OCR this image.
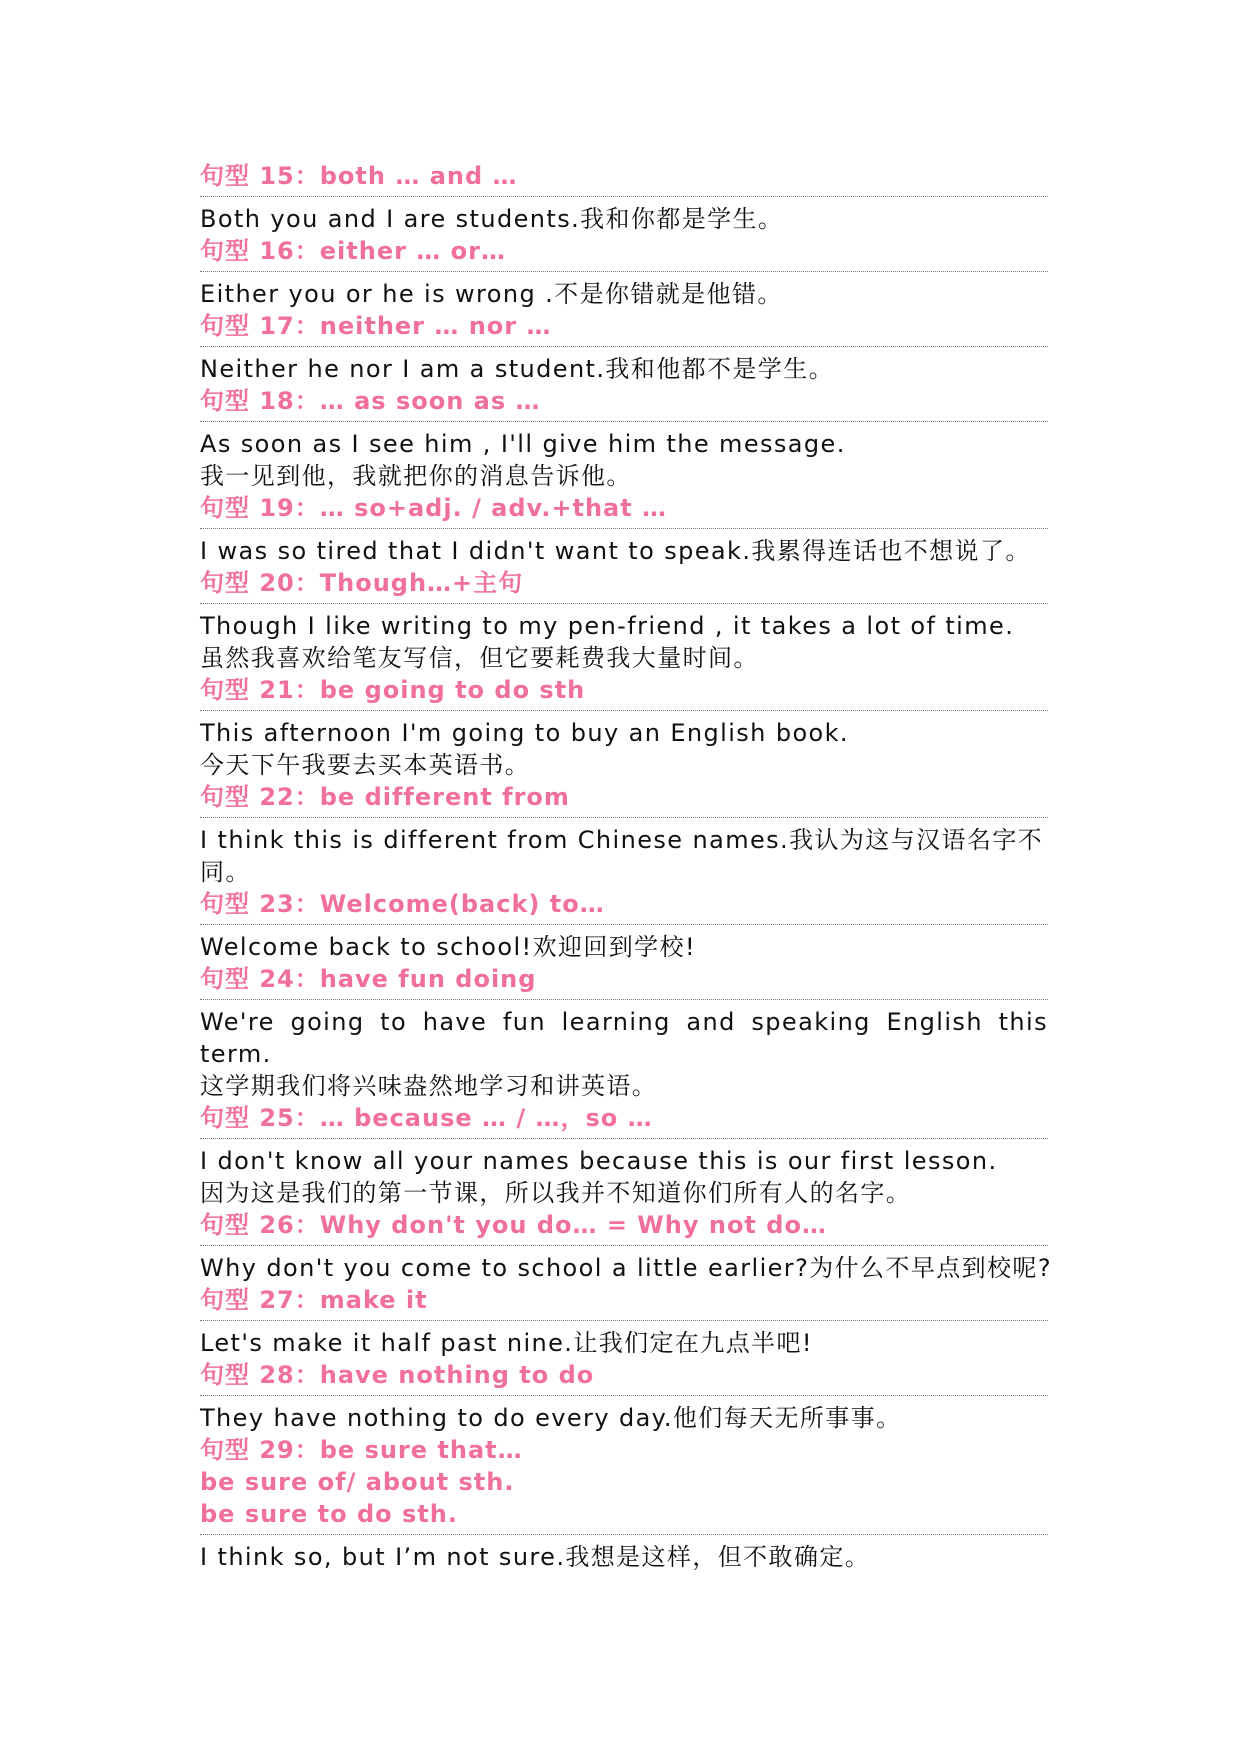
句型 15：both … and …
Both you and I are students.我和你都是学生。
句型 16：either … or…
Either you or he is wrong .不是你错就是他错。
句型 17：neither … nor …
Neither he nor I am a student.我和他都不是学生。
句型 18：… as soon as …
As soon as I see him , I'll give him the message.
我一见到他，我就把你的消息告诉他。
句型 19：… so+adj. / adv.+that …
I was so tired that I didn't want to speak.我累得连话也不想说了。
句型 20：Though…+主句
Though I like writing to my pen-friend , it takes a lot of time.
虽然我喜欢给笔友写信，但它要耗费我大量时间。
句型 21：be going to do sth
This afternoon I'm going to buy an English book.
今天下午我要去买本英语书。
句型 22：be different from
I think this is different from Chinese names.我认为这与汉语名字不
同。
句型 23：Welcome(back) to…
Welcome back to school!欢迎回到学校!
句型 24：have fun doing
We're going to have fun learning and speaking English this
term.
这学期我们将兴味盎然地学习和讲英语。
句型 25：… because … / …，so …
I don't know all your names because this is our first lesson.
因为这是我们的第一节课，所以我并不知道你们所有人的名字。
句型 26：Why don't you do… = Why not do…
Why don't you come to school a little earlier?为什么不早点到校呢?
句型 27：make it
Let's make it half past nine.让我们定在九点半吧!
句型 28：have nothing to do
They have nothing to do every day.他们每天无所事事。
句型 29：be sure that…
be sure of/ about sth.
be sure to do sth.
I think so, but I’m not sure.我想是这样，但不敢确定。
